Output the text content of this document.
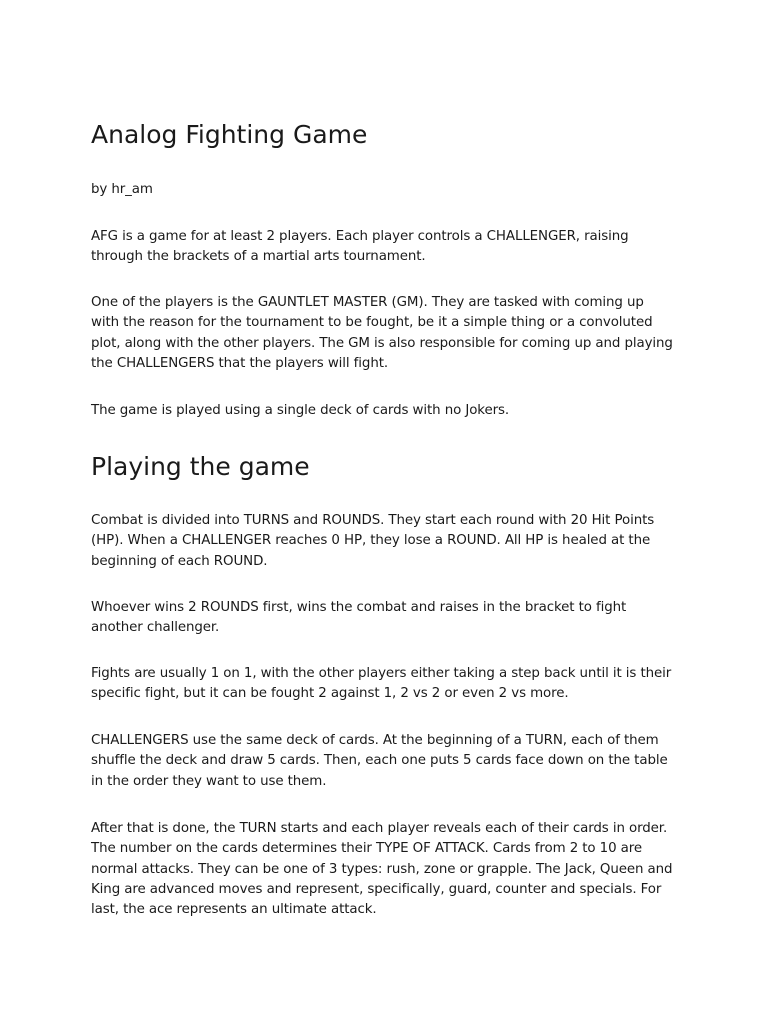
Analog Fighting Game

by hr_am

AFG is a game for at least 2 players. Each player controls a CHALLENGER, raising
through the brackets of a martial arts tournament.

One of the players is the GAUNTLET MASTER (GM). They are tasked with coming up
with the reason for the tournament to be fought, be it a simple thing or a convoluted
plot, along with the other players. The GM is also responsible for coming up and playing
the CHALLENGERS that the players will fight.

The game is played using a single deck of cards with no Jokers.

Playing the game

Combat is divided into TURNS and ROUNDS. They start each round with 20 Hit Points
(HP). When a CHALLENGER reaches 0 HP, they lose a ROUND. All HP is healed at the
beginning of each ROUND.

Whoever wins 2 ROUNDS first, wins the combat and raises in the bracket to fight
another challenger.

Fights are usually 1 on 1, with the other players either taking a step back until it is their
specific fight, but it can be fought 2 against 1, 2 vs 2 or even 2 vs more.

CHALLENGERS use the same deck of cards. At the beginning of a TURN, each of them
shuffle the deck and draw 5 cards. Then, each one puts 5 cards face down on the table
in the order they want to use them.

After that is done, the TURN starts and each player reveals each of their cards in order.
The number on the cards determines their TYPE OF ATTACK. Cards from 2 to 10 are
normal attacks. They can be one of 3 types: rush, zone or grapple. The Jack, Queen and
King are advanced moves and represent, specifically, guard, counter and specials. For
last, the ace represents an ultimate attack.
